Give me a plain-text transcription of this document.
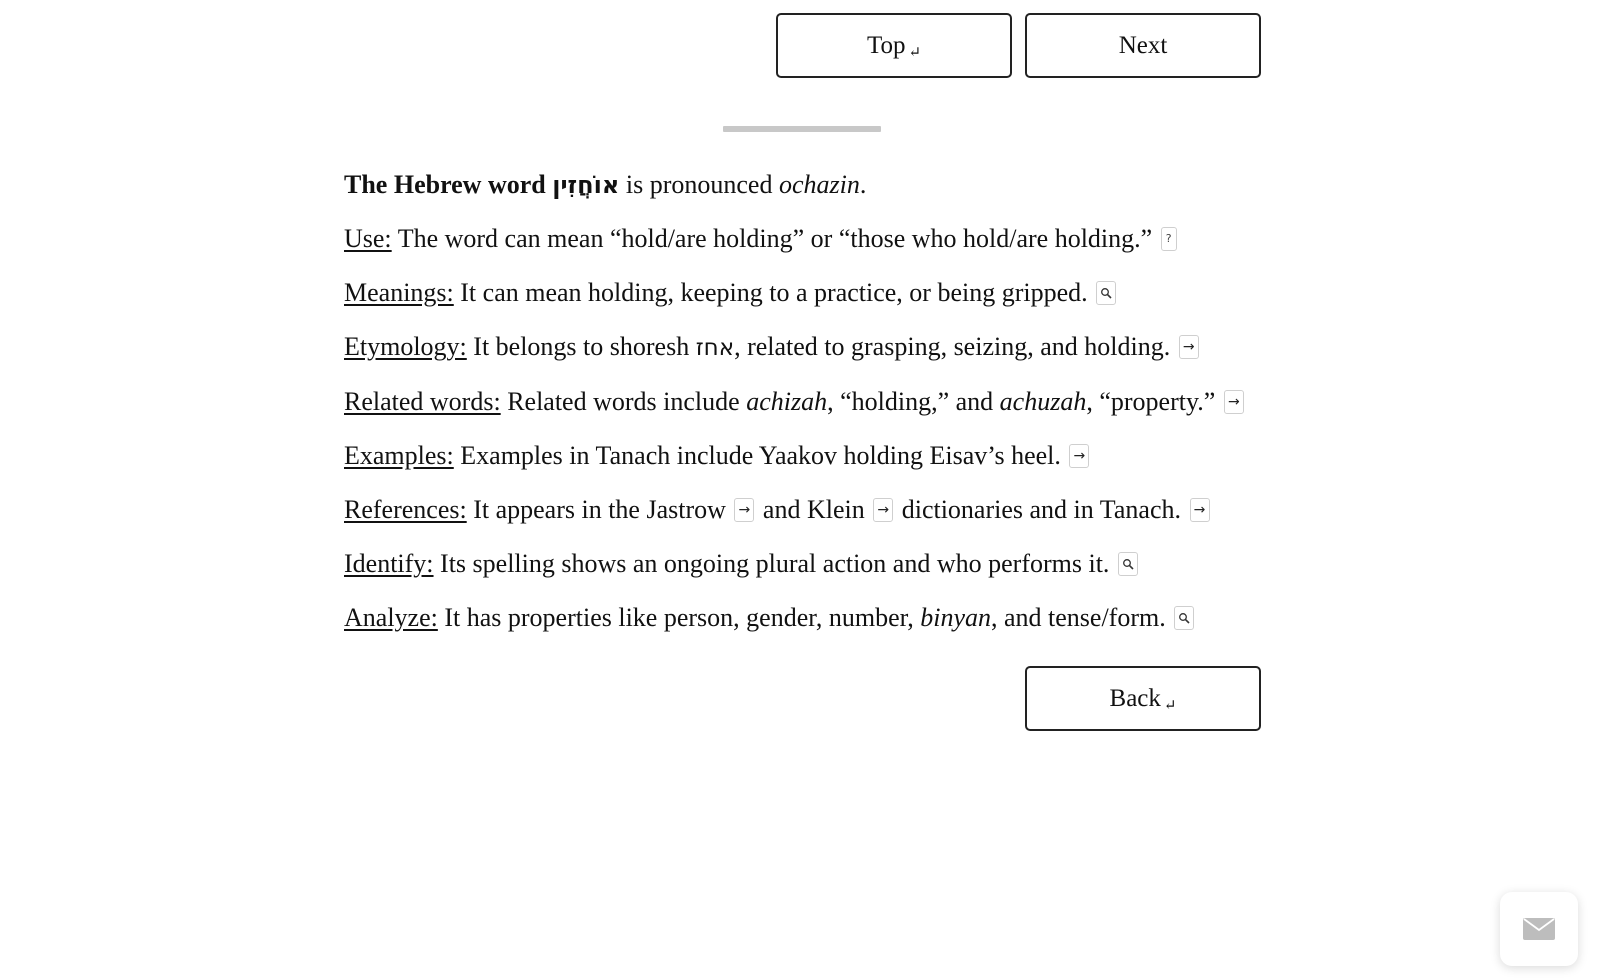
Top ↵	Next
The Hebrew word אוֹחֲזִין is pronounced ochazin.
Use: The word can mean “hold/are holding” or “those who hold/are holding.” ?
Meanings: It can mean holding, keeping to a practice, or being gripped.
Etymology: It belongs to shoresh אחז, related to grasping, seizing, and holding. →
Related words: Related words include achizah, “holding,” and achuzah, “property.” →
Examples: Examples in Tanach include Yaakov holding Eisav’s heel. →
References: It appears in the Jastrow → and Klein → dictionaries and in Tanach. →
Identify: Its spelling shows an ongoing plural action and who performs it.
Analyze: It has properties like person, gender, number, binyan, and tense/form.
Back ↵
